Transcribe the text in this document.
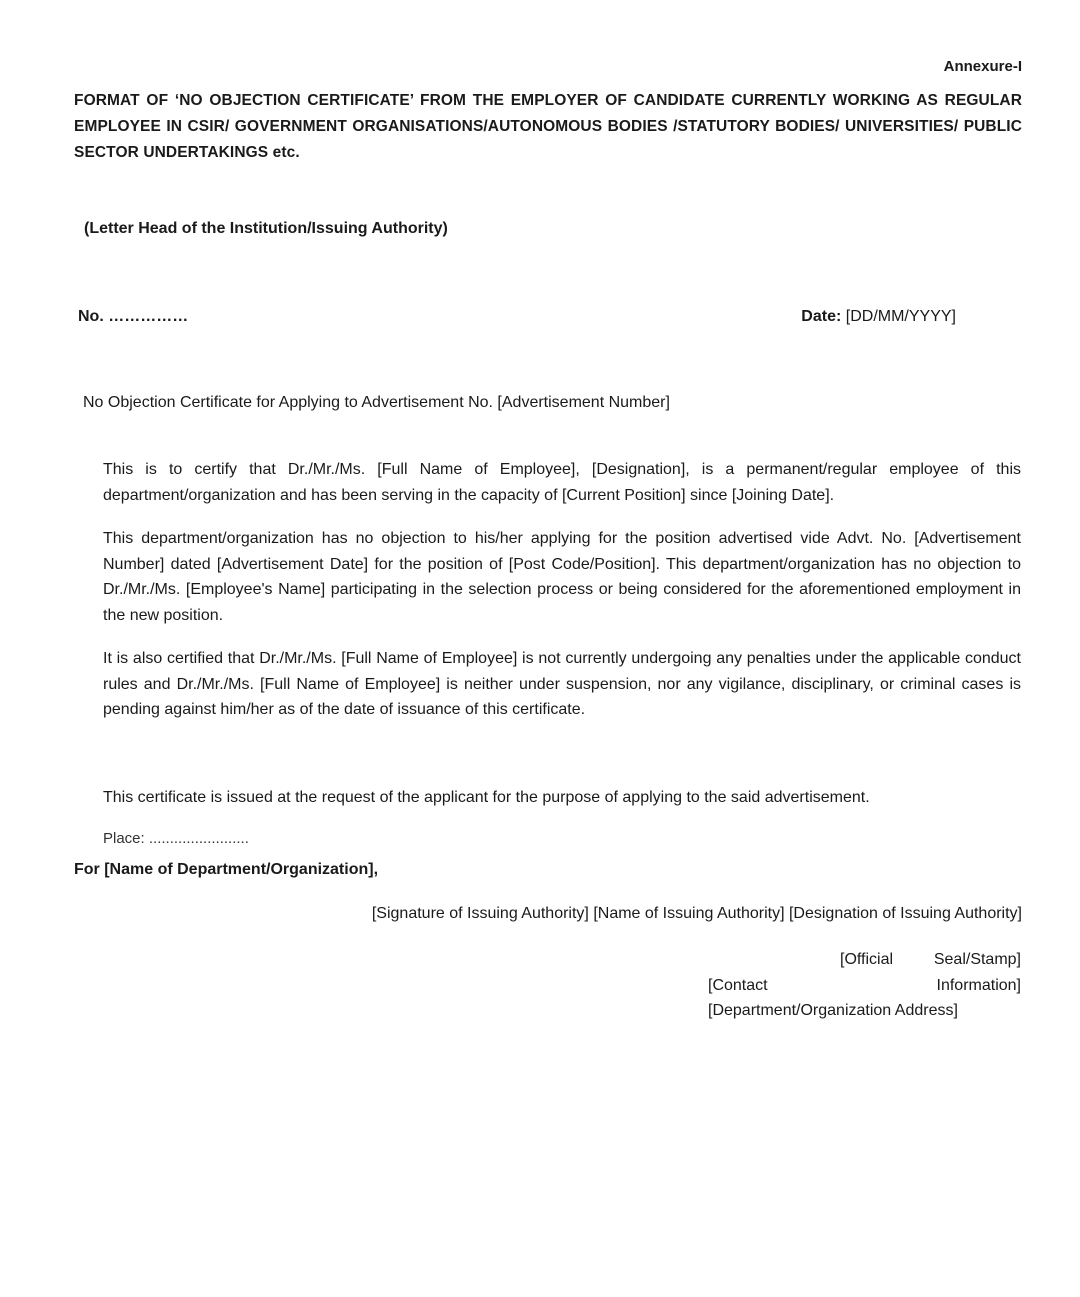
Annexure-I
FORMAT OF ‘NO OBJECTION CERTIFICATE’ FROM THE EMPLOYER OF CANDIDATE CURRENTLY WORKING AS REGULAR EMPLOYEE IN CSIR/ GOVERNMENT ORGANISATIONS/AUTONOMOUS BODIES /STATUTORY BODIES/ UNIVERSITIES/ PUBLIC SECTOR UNDERTAKINGS etc.
(Letter Head of the Institution/Issuing Authority)
No. ……………	Date: [DD/MM/YYYY]
No Objection Certificate for Applying to Advertisement No. [Advertisement Number]

This is to certify that Dr./Mr./Ms. [Full Name of Employee], [Designation], is a permanent/regular employee of this department/organization and has been serving in the capacity of [Current Position] since [Joining Date].

This department/organization has no objection to his/her applying for the position advertised vide Advt. No. [Advertisement Number] dated [Advertisement Date] for the position of [Post Code/Position]. This department/organization has no objection to Dr./Mr./Ms. [Employee's Name] participating in the selection process or being considered for the aforementioned employment in the new position.

It is also certified that Dr./Mr./Ms. [Full Name of Employee] is not currently undergoing any penalties under the applicable conduct rules and Dr./Mr./Ms. [Full Name of Employee] is neither under suspension, nor any vigilance, disciplinary, or criminal cases is pending against him/her as of the date of issuance of this certificate.

This certificate is issued at the request of the applicant for the purpose of applying to the said advertisement.

Place: ........................
For [Name of Department/Organization],
[Signature of Issuing Authority] [Name of Issuing Authority] [Designation of Issuing Authority]
[Official	Seal/Stamp]
[Contact	Information]
[Department/Organization Address]
